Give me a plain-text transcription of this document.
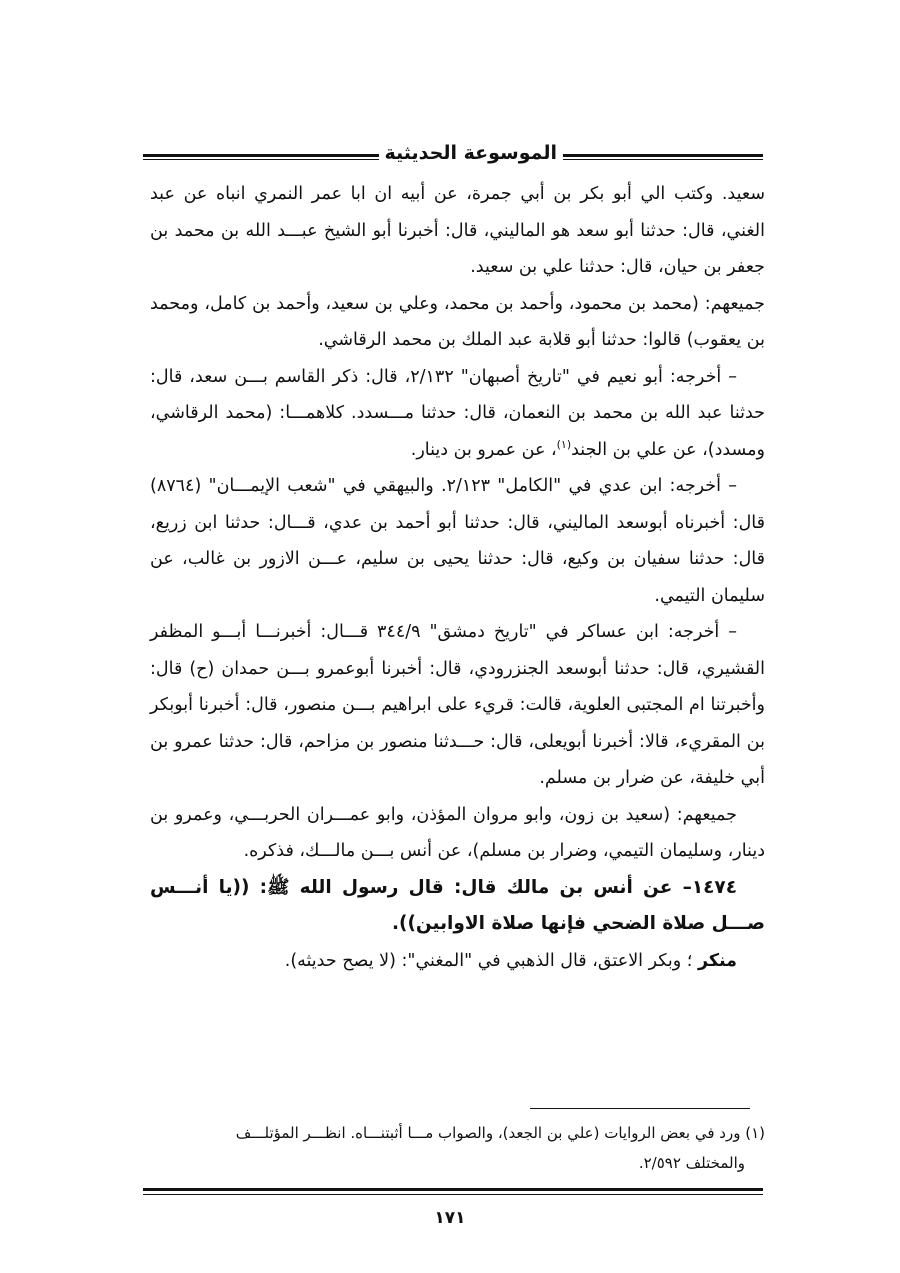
الموسوعة الحديثية

سعيد. وكتب الي أبو بكر بن أبي جمرة، عن أبيه ان ابا عمر النمري انباه عن عبد الغني، قال: حدثنا أبو سعد هو الماليني، قال: أخبرنا أبو الشيخ عبـــد الله بن محمد بن جعفر بن حيان، قال: حدثنا علي بن سعيد.

جميعهم: (محمد بن محمود، وأحمد بن محمد، وعلي بن سعيد، وأحمد بن كامل، ومحمد بن يعقوب) قالوا: حدثنا أبو قلابة عبد الملك بن محمد الرقاشي.

– أخرجه: أبو نعيم في "تاريخ أصبهان" ٢/١٣٢، قال: ذكر القاسم بـــن سعد، قال: حدثنا عبد الله بن محمد بن النعمان، قال: حدثنا مـــسدد. كلاهمـــا: (محمد الرقاشي، ومسدد)، عن علي بن الجند$^{(١)}$، عن عمرو بن دينار.

– أخرجه: ابن عدي في "الكامل" ٢/١٢٣. والبيهقي في "شعب الإيمـــان" (٨٧٦٤) قال: أخبرناه أبوسعد الماليني، قال: حدثنا أبو أحمد بن عدي، قـــال: حدثنا ابن زريع، قال: حدثنا سفيان بن وكيع، قال: حدثنا يحيى بن سليم، عـــن الازور بن غالب، عن سليمان التيمي.

– أخرجه: ابن عساكر في "تاريخ دمشق" ٣٤٤/٩ قـــال: أخبرنـــا أبـــو المظفر القشيري، قال: حدثنا أبوسعد الجنزرودي، قال: أخبرنا أبوعمرو بـــن حمدان (ح) قال: وأخبرتنا ام المجتبى العلوية، قالت: قريء على ابراهيم بـــن منصور، قال: أخبرنا أبوبكر بن المقريء، قالا: أخبرنا أبويعلى، قال: حـــدثنا منصور بن مزاحم، قال: حدثنا عمرو بن أبي خليفة، عن ضرار بن مسلم.

جميعهم: (سعيد بن زون، وابو مروان المؤذن، وابو عمـــران الحربـــي، وعمرو بن دينار، وسليمان التيمي، وضرار بن مسلم)، عن أنس بـــن مالـــك، فذكره.

١٤٧٤– عن أنس بن مالك قال: قال رسول الله ﷺ: ((يا أنـــس صـــل صلاة الضحي فإنها صلاة الاوابين)).

منكر ؛ وبكر الاعتق، قال الذهبي في "المغني": (لا يصح حديثه).

(١) ورد في بعض الروايات (علي بن الجعد)، والصواب مـــا أثبتنـــاه. انظـــر المؤتلـــف

والمختلف ٢/٥٩٢.

١٧١
